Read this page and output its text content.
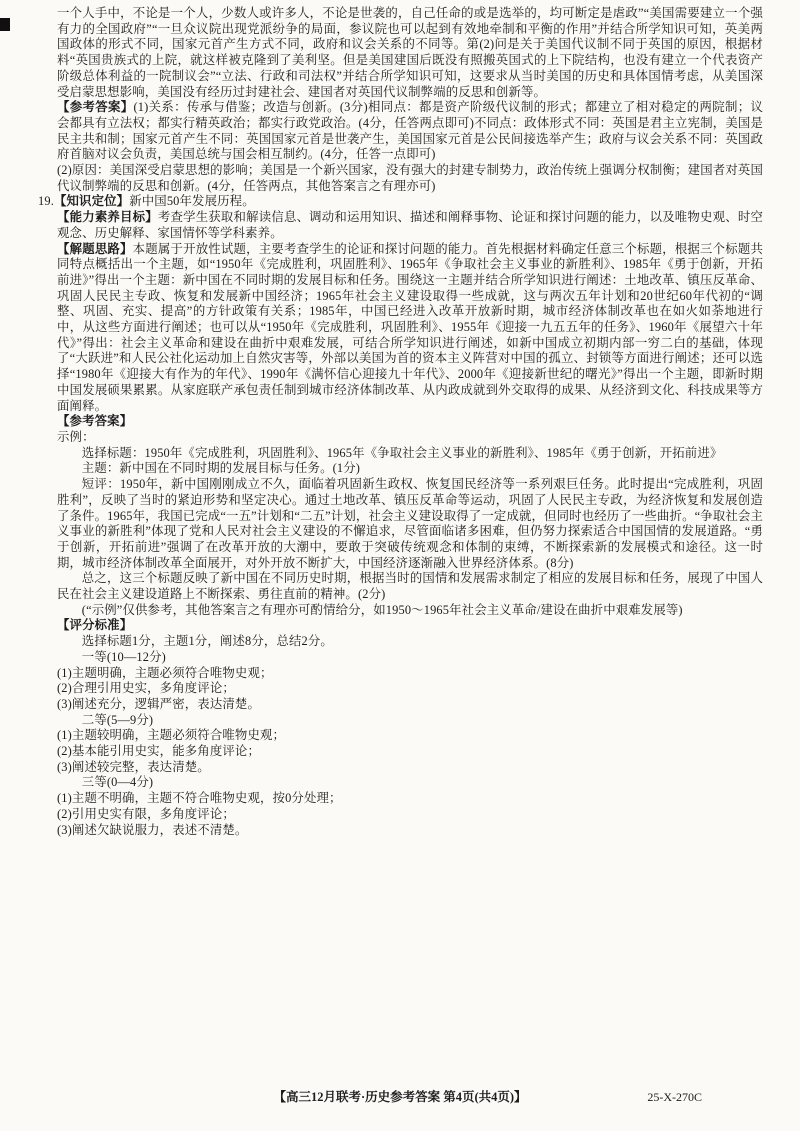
一个人手中，不论是一个人，少数人或许多人，不论是世袭的，自己任命的或是选举的，均可断定是虐政”“美国需要建立一个强有力的全国政府”“一旦众议院出现党派纷争的局面，参议院也可以起到有效地牵制和平衡的作用”并结合所学知识可知，英美两国政体的形式不同，国家元首产生方式不同，政府和议会关系的不同等。第(2)问是关于美国代议制不同于英国的原因，根据材料“英国贵族式的上院，就这样被克隆到了美利坚。但是美国建国后既没有照搬英国式的上下院结构，也没有建立一个代表资产阶级总体利益的一院制议会”“立法、行政和司法权”并结合所学知识可知，这要求从当时美国的历史和具体国情考虑，从美国深受启蒙思想影响，美国没有经历过封建社会、建国者对英国代议制弊端的反思和创新等。

【参考答案】(1)关系：传承与借鉴；改造与创新。(3分)相同点：都是资产阶级代议制的形式；都建立了相对稳定的两院制；议会都具有立法权；都实行精英政治；都实行政党政治。(4分，任答两点即可)不同点：政体形式不同：英国是君主立宪制，美国是民主共和制；国家元首产生不同：英国国家元首是世袭产生，美国国家元首是公民间接选举产生；政府与议会关系不同：英国政府首脑对议会负责，美国总统与国会相互制约。(4分，任答一点即可)

(2)原因：美国深受启蒙思想的影响；美国是一个新兴国家，没有强大的封建专制势力，政治传统上强调分权制衡；建国者对英国代议制弊端的反思和创新。(4分，任答两点，其他答案言之有理亦可)

19.【知识定位】新中国50年发展历程。

【能力素养目标】考查学生获取和解读信息、调动和运用知识、描述和阐释事物、论证和探讨问题的能力，以及唯物史观、时空观念、历史解释、家国情怀等学科素养。

【解题思路】本题属于开放性试题，主要考查学生的论证和探讨问题的能力。首先根据材料确定任意三个标题，根据三个标题共同特点概括出一个主题，如“1950年《完成胜利，巩固胜利》、1965年《争取社会主义事业的新胜利》、1985年《勇于创新，开拓前进》”得出一个主题：新中国在不同时期的发展目标和任务。围绕这一主题并结合所学知识进行阐述：土地改革、镇压反革命、巩固人民民主专政、恢复和发展新中国经济；1965年社会主义建设取得一些成就，这与两次五年计划和20世纪60年代初的“调整、巩固、充实、提高”的方针政策有关系；1985年，中国已经进入改革开放新时期，城市经济体制改革也在如火如荼地进行中，从这些方面进行阐述；也可以从“1950年《完成胜利，巩固胜利》、1955年《迎接一九五五年的任务》、1960年《展望六十年代》”得出：社会主义革命和建设在曲折中艰难发展，可结合所学知识进行阐述，如新中国成立初期内部一穷二白的基础，体现了“大跃进”和人民公社化运动加上自然灾害等，外部以美国为首的资本主义阵营对中国的孤立、封锁等方面进行阐述；还可以选择“1980年《迎接大有作为的年代》、1990年《满怀信心迎接九十年代》、2000年《迎接新世纪的曙光》”得出一个主题，即新时期中国发展硕果累累。从家庭联产承包责任制到城市经济体制改革、从内政成就到外交取得的成果、从经济到文化、科技成果等方面阐释。

【参考答案】

示例：

选择标题：1950年《完成胜利，巩固胜利》、1965年《争取社会主义事业的新胜利》、1985年《勇于创新，开拓前进》

主题：新中国在不同时期的发展目标与任务。(1分)

短评：1950年，新中国刚刚成立不久，面临着巩固新生政权、恢复国民经济等一系列艰巨任务。此时提出“完成胜利，巩固胜利”，反映了当时的紧迫形势和坚定决心。通过土地改革、镇压反革命等运动，巩固了人民民主专政，为经济恢复和发展创造了条件。1965年，我国已完成“一五”计划和“二五”计划，社会主义建设取得了一定成就，但同时也经历了一些曲折。“争取社会主义事业的新胜利”体现了党和人民对社会主义建设的不懈追求，尽管面临诸多困难，但仍努力探索适合中国国情的发展道路。“勇于创新，开拓前进”强调了在改革开放的大潮中，要敢于突破传统观念和体制的束缚，不断探索新的发展模式和途径。这一时期，城市经济体制改革全面展开，对外开放不断扩大，中国经济逐渐融入世界经济体系。(8分)

总之，这三个标题反映了新中国在不同历史时期，根据当时的国情和发展需求制定了相应的发展目标和任务，展现了中国人民在社会主义建设道路上不断探索、勇往直前的精神。(2分)

(“示例”仅供参考，其他答案言之有理亦可酌情给分，如1950～1965年社会主义革命/建设在曲折中艰难发展等)

【评分标准】

选择标题1分，主题1分，阐述8分，总结2分。

一等(10—12分)

(1)主题明确，主题必须符合唯物史观；

(2)合理引用史实，多角度评论；

(3)阐述充分，逻辑严密，表达清楚。

二等(5—9分)

(1)主题较明确，主题必须符合唯物史观；

(2)基本能引用史实，能多角度评论；

(3)阐述较完整，表达清楚。

三等(0—4分)

(1)主题不明确，主题不符合唯物史观，按0分处理；

(2)引用史实有限，多角度评论；

(3)阐述欠缺说服力，表述不清楚。

【高三12月联考·历史参考答案 第4页(共4页)】	25-X-270C
